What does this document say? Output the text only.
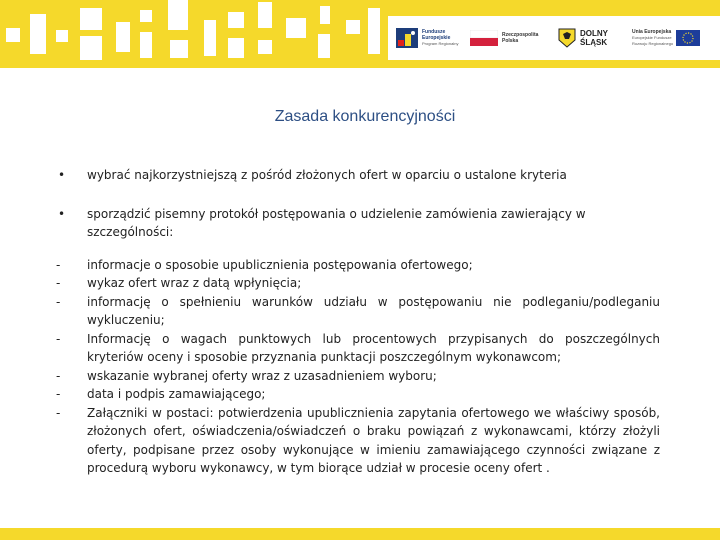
Fundusze
Europejskie
Program Regionalny
Rzeczpospolita
Polska
DOLNY
ŚLĄSK
Unia Europejska
Europejskie Fundusze
Rozwoju Regionalnego
Zasada konkurencyjności
• wybrać najkorzystniejszą z pośród złożonych ofert w oparciu o ustalone kryteria
• sporządzić pisemny protokół postępowania o udzielenie zamówienia zawierający w szczególności:
- informacje o sposobie upublicznienia postępowania ofertowego;
- wykaz ofert wraz z datą wpłynięcia;
- informację o spełnieniu warunków udziału w postępowaniu nie podleganiu/podleganiu wykluczeniu;
- Informację o wagach punktowych lub procentowych przypisanych do poszczególnych kryteriów oceny i sposobie przyznania punktacji poszczególnym wykonawcom;
- wskazanie wybranej oferty wraz z uzasadnieniem wyboru;
- data i podpis zamawiającego;
- Załączniki w postaci: potwierdzenia upublicznienia zapytania ofertowego we właściwy sposób, złożonych ofert, oświadczenia/oświadczeń o braku powiązań z wykonawcami, którzy złożyli oferty, podpisane przez osoby wykonujące w imieniu zamawiającego czynności związane z procedurą wyboru wykonawcy, w tym biorące udział w procesie oceny ofert .
